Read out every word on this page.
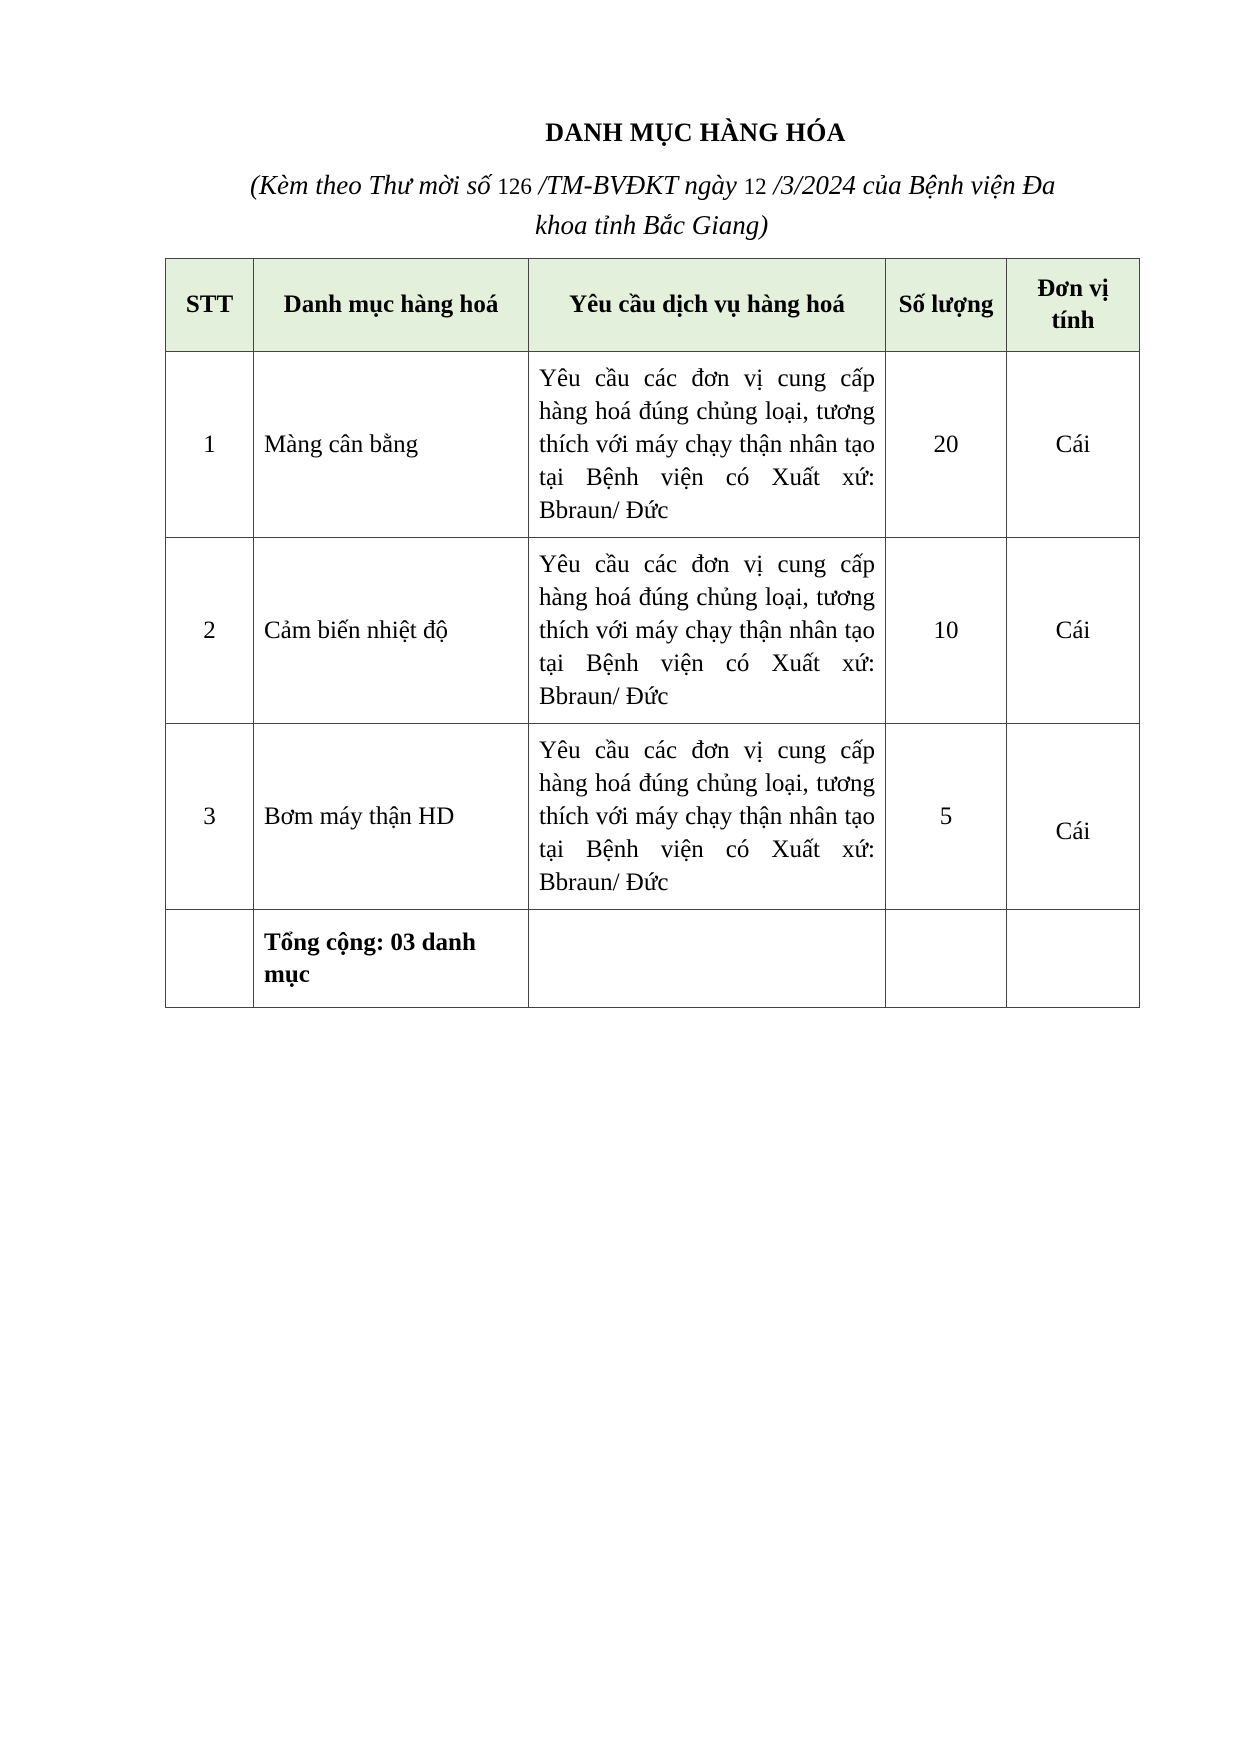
DANH MỤC HÀNG HÓA
(Kèm theo Thư mời số 126 /TM-BVĐKT ngày 12 /3/2024 của Bệnh viện Đa
khoa tỉnh Bắc Giang)
STT	Danh mục hàng hoá	Yêu cầu dịch vụ hàng hoá	Số lượng	Đơn vị tính
1	Màng cân bằng	Yêu cầu các đơn vị cung cấp hàng hoá đúng chủng loại, tương thích với máy chạy thận nhân tạo tại Bệnh viện có Xuất xứ: Bbraun/ Đức	20	Cái
2	Cảm biến nhiệt độ	Yêu cầu các đơn vị cung cấp hàng hoá đúng chủng loại, tương thích với máy chạy thận nhân tạo tại Bệnh viện có Xuất xứ: Bbraun/ Đức	10	Cái
3	Bơm máy thận HD	Yêu cầu các đơn vị cung cấp hàng hoá đúng chủng loại, tương thích với máy chạy thận nhân tạo tại Bệnh viện có Xuất xứ: Bbraun/ Đức	5	Cái
	Tổng cộng: 03 danh mục			
